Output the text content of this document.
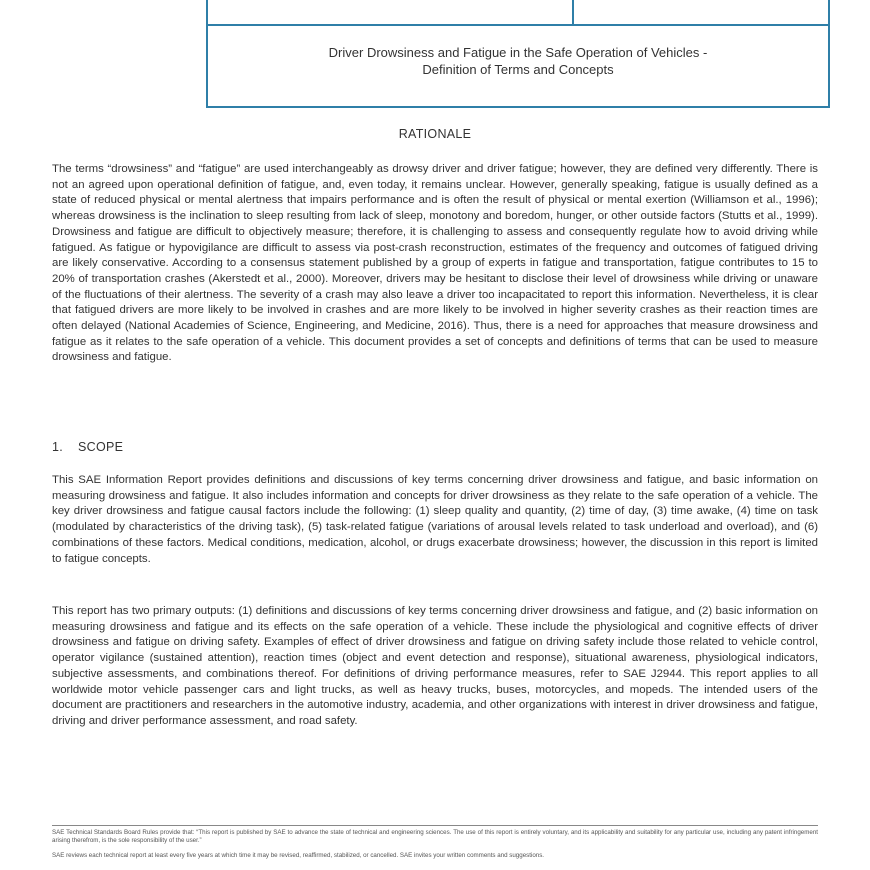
Driver Drowsiness and Fatigue in the Safe Operation of Vehicles -
Definition of Terms and Concepts
RATIONALE
The terms “drowsiness” and “fatigue” are used interchangeably as drowsy driver and driver fatigue; however, they are defined very differently. There is not an agreed upon operational definition of fatigue, and, even today, it remains unclear. However, generally speaking, fatigue is usually defined as a state of reduced physical or mental alertness that impairs performance and is often the result of physical or mental exertion (Williamson et al., 1996); whereas drowsiness is the inclination to sleep resulting from lack of sleep, monotony and boredom, hunger, or other outside factors (Stutts et al., 1999). Drowsiness and fatigue are difficult to objectively measure; therefore, it is challenging to assess and consequently regulate how to avoid driving while fatigued. As fatigue or hypovigilance are difficult to assess via post-crash reconstruction, estimates of the frequency and outcomes of fatigued driving are likely conservative. According to a consensus statement published by a group of experts in fatigue and transportation, fatigue contributes to 15 to 20% of transportation crashes (Akerstedt et al., 2000). Moreover, drivers may be hesitant to disclose their level of drowsiness while driving or unaware of the fluctuations of their alertness. The severity of a crash may also leave a driver too incapacitated to report this information. Nevertheless, it is clear that fatigued drivers are more likely to be involved in crashes and are more likely to be involved in higher severity crashes as their reaction times are often delayed (National Academies of Science, Engineering, and Medicine, 2016). Thus, there is a need for approaches that measure drowsiness and fatigue as it relates to the safe operation of a vehicle. This document provides a set of concepts and definitions of terms that can be used to measure drowsiness and fatigue.
1. SCOPE
This SAE Information Report provides definitions and discussions of key terms concerning driver drowsiness and fatigue, and basic information on measuring drowsiness and fatigue. It also includes information and concepts for driver drowsiness as they relate to the safe operation of a vehicle. The key driver drowsiness and fatigue causal factors include the following: (1) sleep quality and quantity, (2) time of day, (3) time awake, (4) time on task (modulated by characteristics of the driving task), (5) task-related fatigue (variations of arousal levels related to task underload and overload), and (6) combinations of these factors. Medical conditions, medication, alcohol, or drugs exacerbate drowsiness; however, the discussion in this report is limited to fatigue concepts.
This report has two primary outputs: (1) definitions and discussions of key terms concerning driver drowsiness and fatigue, and (2) basic information on measuring drowsiness and fatigue and its effects on the safe operation of a vehicle. These include the physiological and cognitive effects of driver drowsiness and fatigue on driving safety. Examples of effect of driver drowsiness and fatigue on driving safety include those related to vehicle control, operator vigilance (sustained attention), reaction times (object and event detection and response), situational awareness, physiological indicators, subjective assessments, and combinations thereof. For definitions of driving performance measures, refer to SAE J2944. This report applies to all worldwide motor vehicle passenger cars and light trucks, as well as heavy trucks, buses, motorcycles, and mopeds. The intended users of the document are practitioners and researchers in the automotive industry, academia, and other organizations with interest in driver drowsiness and fatigue, driving and driver performance assessment, and road safety.
SAE Technical Standards Board Rules provide that: “This report is published by SAE to advance the state of technical and engineering sciences. The use of this report is entirely voluntary, and its applicability and suitability for any particular use, including any patent infringement arising therefrom, is the sole responsibility of the user.”
SAE reviews each technical report at least every five years at which time it may be revised, reaffirmed, stabilized, or cancelled. SAE invites your written comments and suggestions.
